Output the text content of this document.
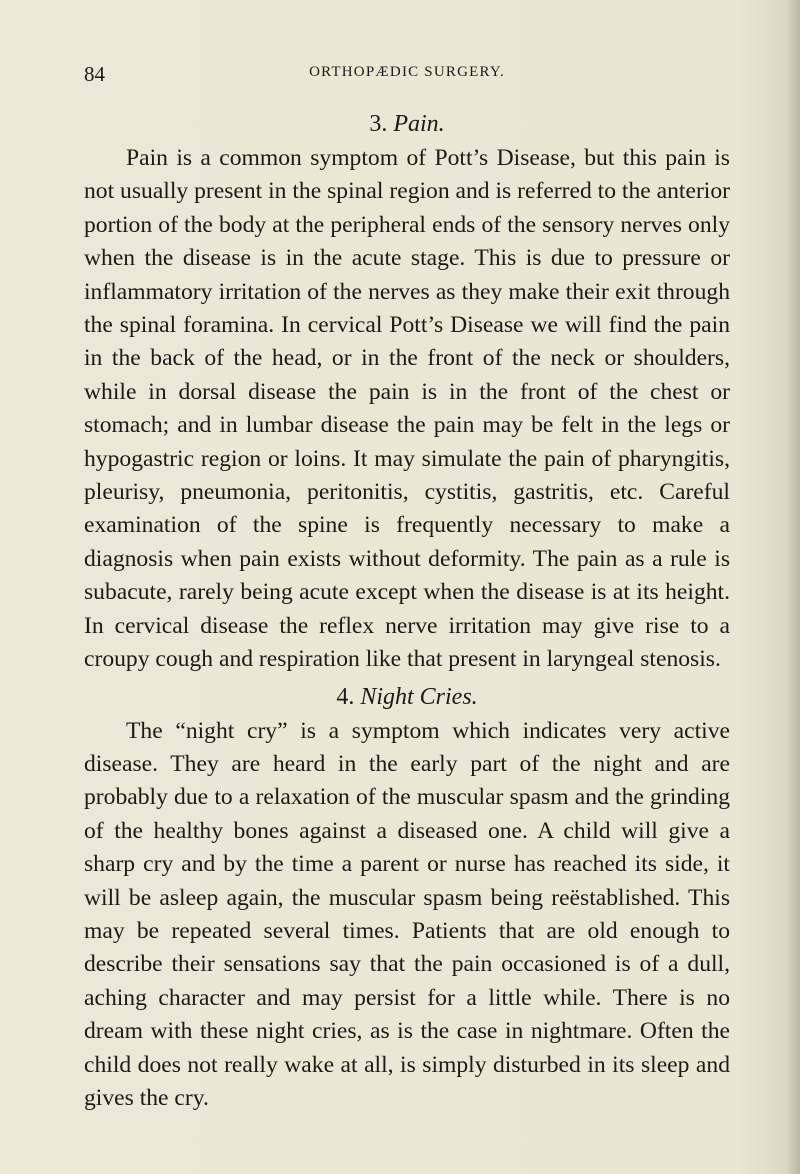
84	ORTHOPÆDIC SURGERY.
3. Pain.

Pain is a common symptom of Pott’s Disease, but this pain is not usually present in the spinal region and is referred to the anterior portion of the body at the peripheral ends of the sensory nerves only when the disease is in the acute stage. This is due to pressure or inflammatory irritation of the nerves as they make their exit through the spinal foramina. In cervical Pott’s Disease we will find the pain in the back of the head, or in the front of the neck or shoulders, while in dorsal disease the pain is in the front of the chest or stomach; and in lumbar disease the pain may be felt in the legs or hypogastric region or loins. It may simulate the pain of pharyngitis, pleurisy, pneumonia, peritonitis, cystitis, gastritis, etc. Careful examination of the spine is frequently necessary to make a diagnosis when pain exists without deformity. The pain as a rule is subacute, rarely being acute except when the disease is at its height. In cervical disease the reflex nerve irritation may give rise to a croupy cough and respiration like that present in laryngeal stenosis.

4. Night Cries.

The “night cry” is a symptom which indicates very active disease. They are heard in the early part of the night and are probably due to a relaxation of the muscular spasm and the grinding of the healthy bones against a diseased one. A child will give a sharp cry and by the time a parent or nurse has reached its side, it will be asleep again, the muscular spasm being reëstablished. This may be repeated several times. Patients that are old enough to describe their sensations say that the pain occasioned is of a dull, aching character and may persist for a little while. There is no dream with these night cries, as is the case in nightmare. Often the child does not really wake at all, is simply disturbed in its sleep and gives the cry.
